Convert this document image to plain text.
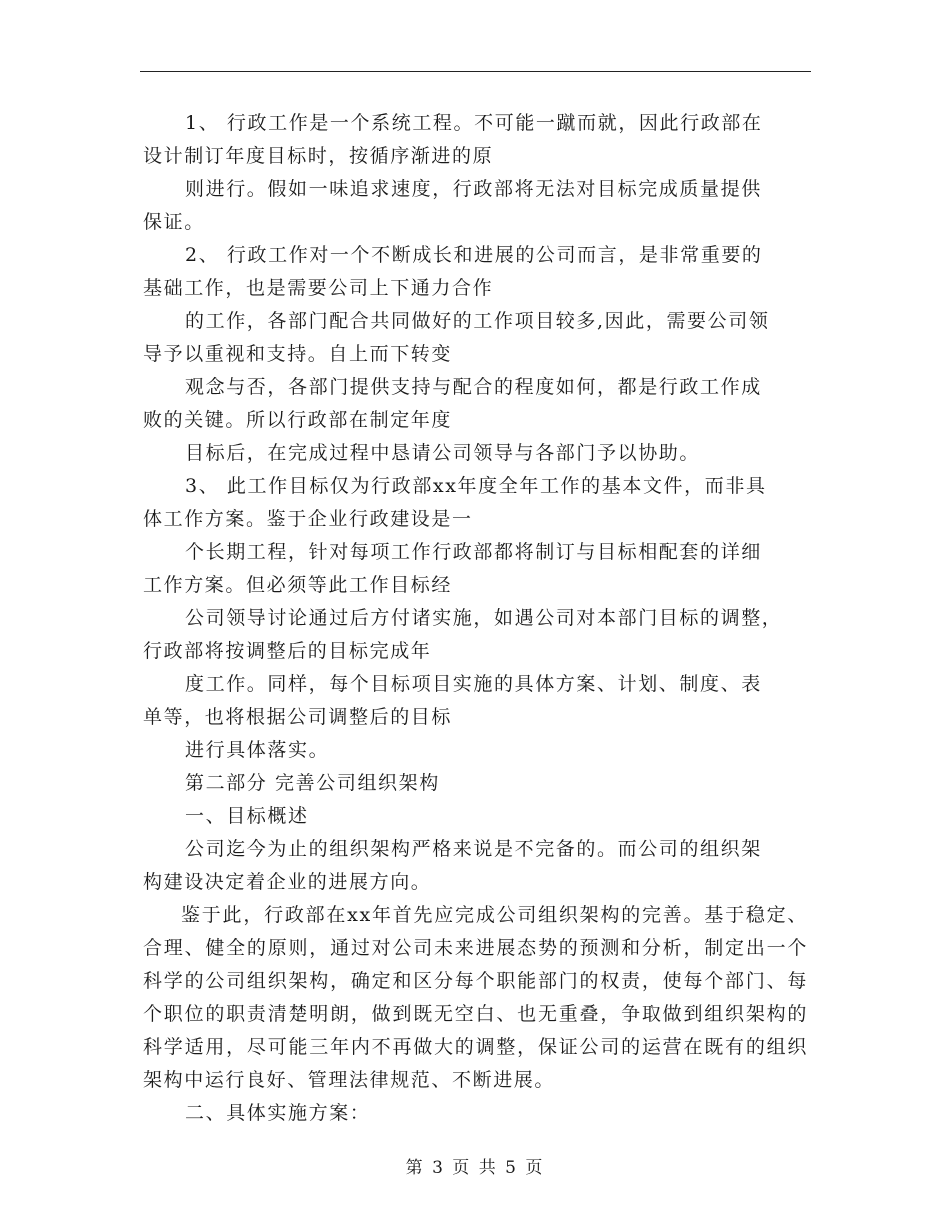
1、 行政工作是一个系统工程。不可能一蹴而就，因此行政部在
设计制订年度目标时，按循序渐进的原
则进行。假如一味追求速度，行政部将无法对目标完成质量提供
保证。
2、 行政工作对一个不断成长和进展的公司而言，是非常重要的
基础工作，也是需要公司上下通力合作
的工作，各部门配合共同做好的工作项目较多,因此，需要公司领
导予以重视和支持。自上而下转变
观念与否，各部门提供支持与配合的程度如何，都是行政工作成
败的关键。所以行政部在制定年度
目标后，在完成过程中恳请公司领导与各部门予以协助。
3、 此工作目标仅为行政部xx年度全年工作的基本文件，而非具
体工作方案。鉴于企业行政建设是一
个长期工程，针对每项工作行政部都将制订与目标相配套的详细
工作方案。但必须等此工作目标经
公司领导讨论通过后方付诸实施，如遇公司对本部门目标的调整，
行政部将按调整后的目标完成年
度工作。同样，每个目标项目实施的具体方案、计划、制度、表
单等，也将根据公司调整后的目标
进行具体落实。
第二部分 完善公司组织架构
一、目标概述
公司迄今为止的组织架构严格来说是不完备的。而公司的组织架
构建设决定着企业的进展方向。

鉴于此，行政部在xx年首先应完成公司组织架构的完善。基于稳定、合理、健全的原则，通过对公司未来进展态势的预测和分析，制定出一个科学的公司组织架构，确定和区分每个职能部门的权责，使每个部门、每个职位的职责清楚明朗，做到既无空白、也无重叠，争取做到组织架构的科学适用，尽可能三年内不再做大的调整，保证公司的运营在既有的组织架构中运行良好、管理法律规范、不断进展。

二、具体实施方案：
第 3 页 共 5 页
